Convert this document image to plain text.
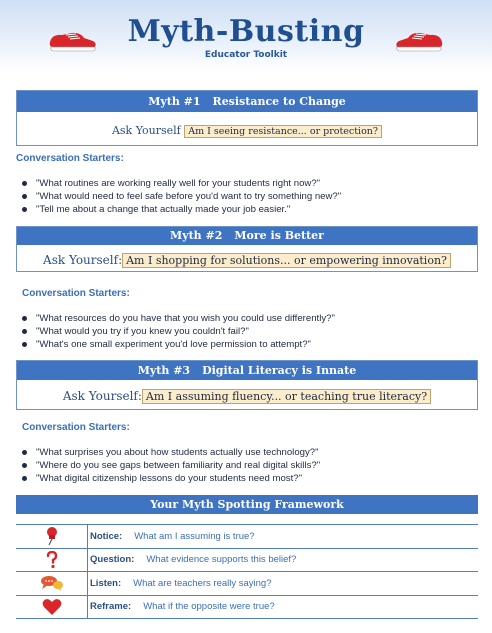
Myth-Busting
Educator Toolkit
Myth #1 Resistance to Change
Ask Yourself Am I seeing resistance... or protection?
Conversation Starters:
"What routines are working really well for your students right now?"
"What would need to feel safe before you'd want to try something new?"
"Tell me about a change that actually made your job easier."
Myth #2 More is Better
Ask Yourself: Am I shopping for solutions... or empowering innovation?
Conversation Starters:
"What resources do you have that you wish you could use differently?"
"What would you try if you knew you couldn't fail?"
"What's one small experiment you'd love permission to attempt?"
Myth #3 Digital Literacy is Innate
Ask Yourself: Am I assuming fluency... or teaching true literacy?
Conversation Starters:
"What surprises you about how students actually use technology?"
"Where do you see gaps between familiarity and real digital skills?"
"What digital citizenship lessons do your students need most?"
Your Myth Spotting Framework
Notice:	What am I assuming is true?
Question:	What evidence supports this belief?
Listen:	What are teachers really saying?
Reframe:	What if the opposite were true?
